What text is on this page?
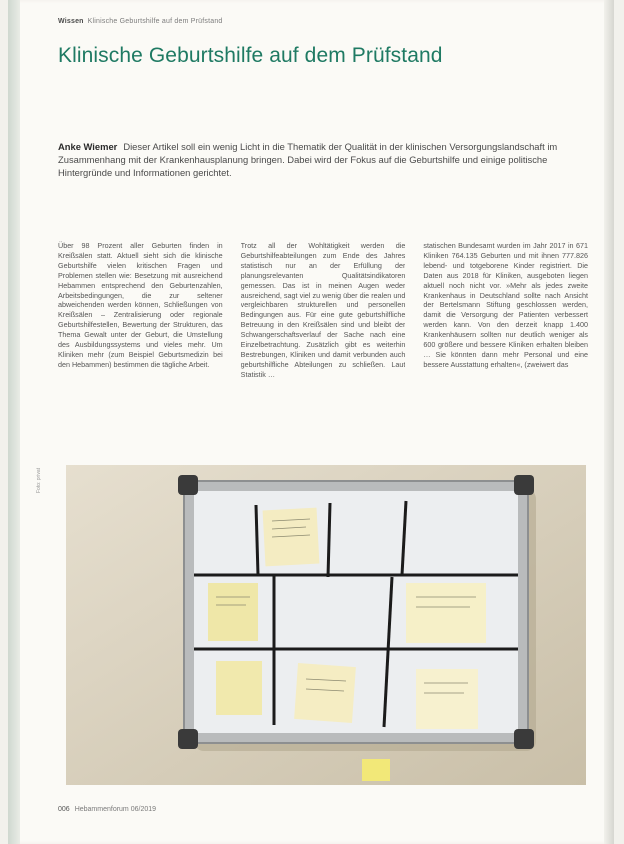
Wissen Klinische Geburtshilfe auf dem Prüfstand
Klinische Geburtshilfe auf dem Prüfstand

Anke Wiemer Dieser Artikel soll ein wenig Licht in die Thematik der Qualität in der klinischen Versorgungslandschaft im Zusammenhang mit der Krankenhausplanung bringen. Dabei wird der Fokus auf die Geburtshilfe und einige politische Hintergründe und Informationen gerichtet.

Über 98 Prozent aller Geburten finden in Kreißsälen statt. Aktuell sieht sich die klinische Geburtshilfe vielen kritischen Fragen und Problemen stellen wie: Besetzung mit ausreichend Hebammen entsprechend den Geburtenzahlen, Arbeitsbedingungen, die zur seltener abweichenden werden können, Schließungen von Kreißsälen – Zentralisierung oder regionale Geburtshilfestellen, Bewertung der Strukturen, das Thema Gewalt unter der Geburt, die Umstellung des Ausbildungssystems und vieles mehr. Um Kliniken mehr (zum Beispiel Geburtsmedizin bei den Hebammen) bestimmen die tägliche Arbeit.

Trotz all der Wohltätigkeit werden die Geburtshilfeabteilungen zum Ende des Jahres statistisch nur an der Erfüllung der planungsrelevanten Qualitätsindikatoren gemessen. Das ist in meinen Augen weder ausreichend, sagt viel zu wenig über die realen und vergleichbaren strukturellen und personellen Bedingungen aus. Für eine gute geburtshilfliche Betreuung in den Kreißsälen sind und bleibt der Schwangerschaftsverlauf der Sache nach eine Einzelbetrachtung. Zusätzlich gibt es weiterhin Bestrebungen, Kliniken und damit verbunden auch geburtshilfliche Abteilungen zu schließen. Laut Statistik …

statischen Bundesamt wurden im Jahr 2017 in 671 Kliniken 764.135 Geburten und mit ihnen 777.826 lebend- und totgeborene Kinder registriert. Die Daten aus 2018 für Kliniken, ausgeboten liegen aktuell noch nicht vor. »Mehr als jedes zweite Krankenhaus in Deutschland sollte nach Ansicht der Bertelsmann Stiftung geschlossen werden, damit die Versorgung der Patienten verbessert werden kann. Von den derzeit knapp 1.400 Krankenhäusern sollten nur deutlich weniger als 600 größere und bessere Kliniken erhalten bleiben … Sie könnten dann mehr Personal und eine bessere Ausstattung erhalten«, (zweiwert das

Foto: privat
006 Hebammenforum 06/2019
